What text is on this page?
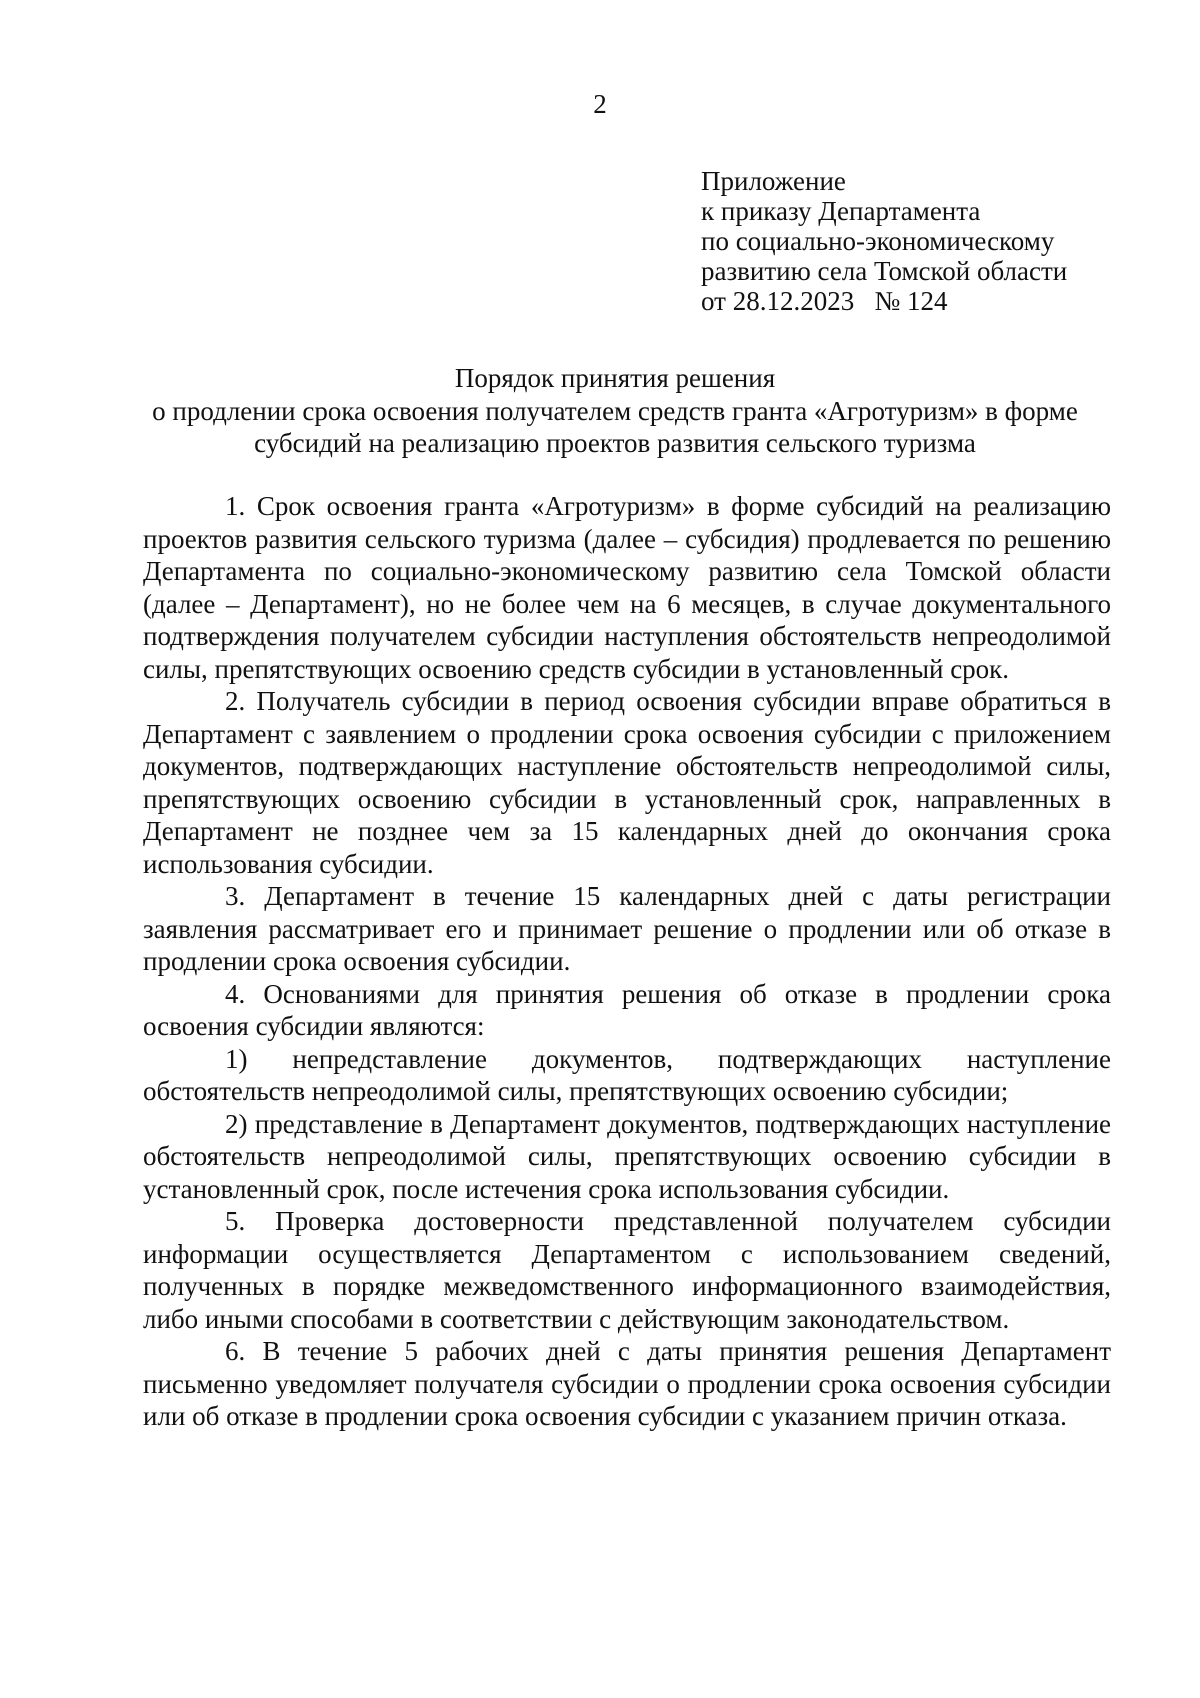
2
Приложение
к приказу Департамента
по социально-экономическому
развитию села Томской области
от 28.12.2023   № 124
Порядок принятия решения
о продлении срока освоения получателем средств гранта «Агротуризм» в форме
субсидий на реализацию проектов развития сельского туризма

1. Срок освоения гранта «Агротуризм» в форме субсидий на реализацию проектов развития сельского туризма (далее – субсидия) продлевается по решению Департамента по социально-экономическому развитию села Томской области (далее – Департамент), но не более чем на 6 месяцев, в случае документального подтверждения получателем субсидии наступления обстоятельств непреодолимой силы, препятствующих освоению средств субсидии в установленный срок.

2. Получатель субсидии в период освоения субсидии вправе обратиться в Департамент с заявлением о продлении срока освоения субсидии с приложением документов, подтверждающих наступление обстоятельств непреодолимой силы, препятствующих освоению субсидии в установленный срок, направленных в Департамент не позднее чем за 15 календарных дней до окончания срока использования субсидии.

3. Департамент в течение 15 календарных дней с даты регистрации заявления рассматривает его и принимает решение о продлении или об отказе в продлении срока освоения субсидии.

4. Основаниями для принятия решения об отказе в продлении срока освоения субсидии являются:

1) непредставление документов, подтверждающих наступление обстоятельств непреодолимой силы, препятствующих освоению субсидии;

2) представление в Департамент документов, подтверждающих наступление обстоятельств непреодолимой силы, препятствующих освоению субсидии в установленный срок, после истечения срока использования субсидии.

5. Проверка достоверности представленной получателем субсидии информации осуществляется Департаментом с использованием сведений, полученных в порядке межведомственного информационного взаимодействия, либо иными способами в соответствии с действующим законодательством.

6. В течение 5 рабочих дней с даты принятия решения Департамент письменно уведомляет получателя субсидии о продлении срока освоения субсидии или об отказе в продлении срока освоения субсидии с указанием причин отказа.
